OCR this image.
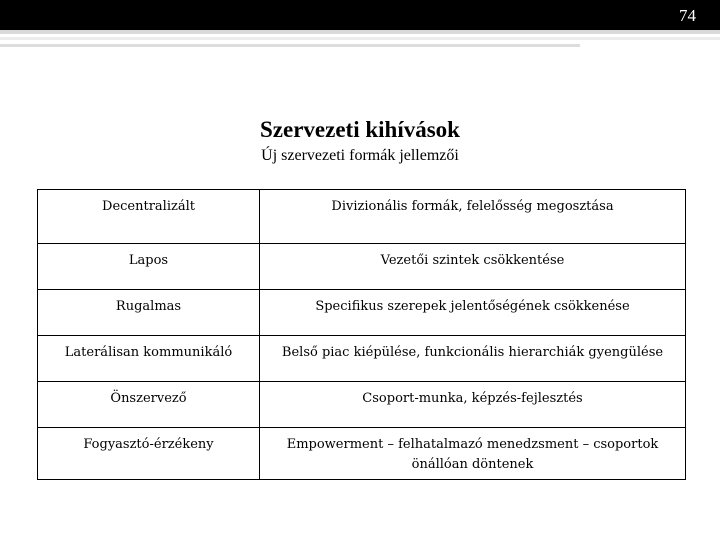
74
Szervezeti kihívások
Új szervezeti formák jellemzői
Decentralizált	Divizionális formák, felelősség megosztása
Lapos	Vezetői szintek csökkentése
Rugalmas	Specifikus szerepek jelentőségének csökkenése
Laterálisan kommunikáló	Belső piac kiépülése, funkcionális hierarchiák gyengülése
Önszervező	Csoport-munka, képzés-fejlesztés
Fogyasztó-érzékeny	Empowerment – felhatalmazó menedzsment – csoportok önállóan döntenek
